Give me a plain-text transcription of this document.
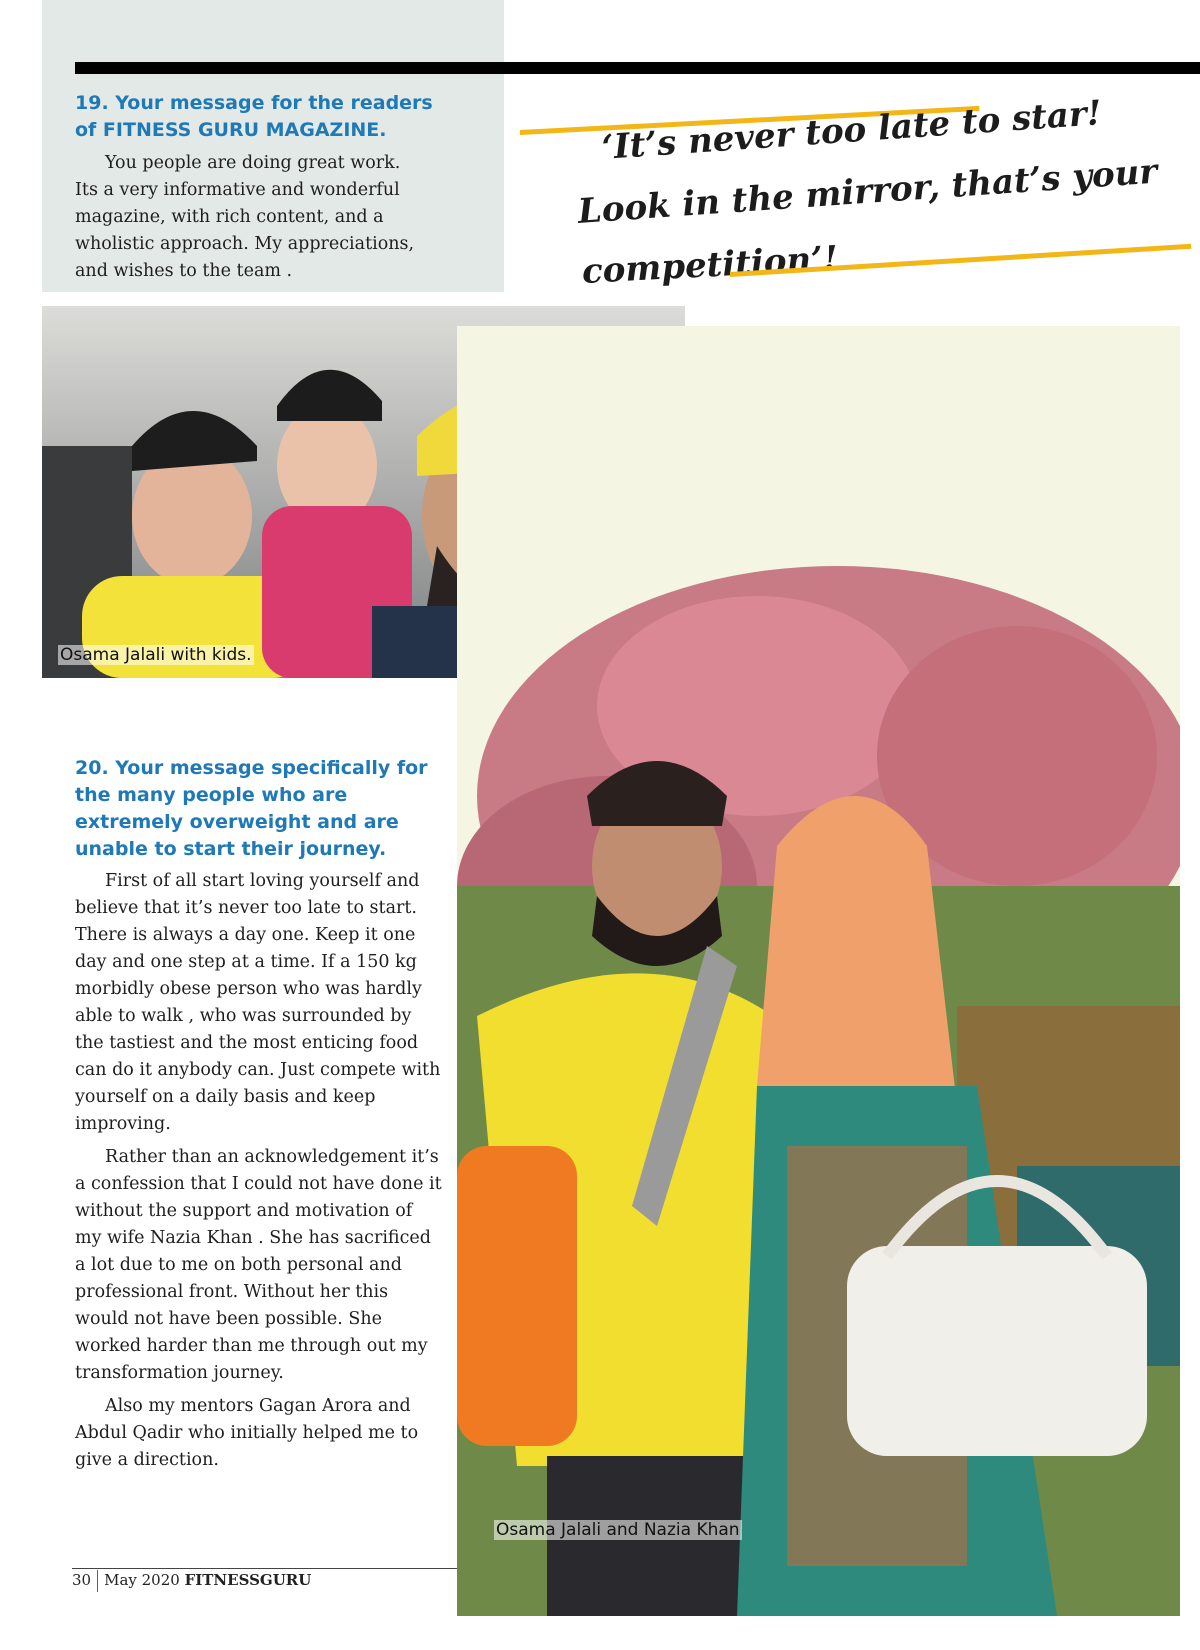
19. Your message for the readers of FITNESS GURU MAGAZINE.

You people are doing great work. Its a very informative and wonderful magazine, with rich content, and a wholistic approach. My appreciations, and wishes to the team .

‘It’s never too late to star!
Look in the mirror, that’s your
competition’!
Osama Jalali with kids.
Osama Jalali and Nazia Khan
20. Your message specifically for the many people who are extremely overweight and are unable to start their journey.

First of all start loving yourself and believe that it’s never too late to start. There is always a day one. Keep it one day and one step at a time. If a 150 kg morbidly obese person who was hardly able to walk , who was surrounded by the tastiest and the most enticing food can do it anybody can. Just compete with yourself on a daily basis and keep improving.

Rather than an acknowledgement it’s a confession that I could not have done it without the support and motivation of my wife Nazia Khan . She has sacrificed a lot due to me on both personal and professional front. Without her this would not have been possible. She worked harder than me through out my transformation journey.

Also my mentors Gagan Arora and Abdul Qadir who initially helped me to give a direction.

30 May 2020 FITNESSGURU
